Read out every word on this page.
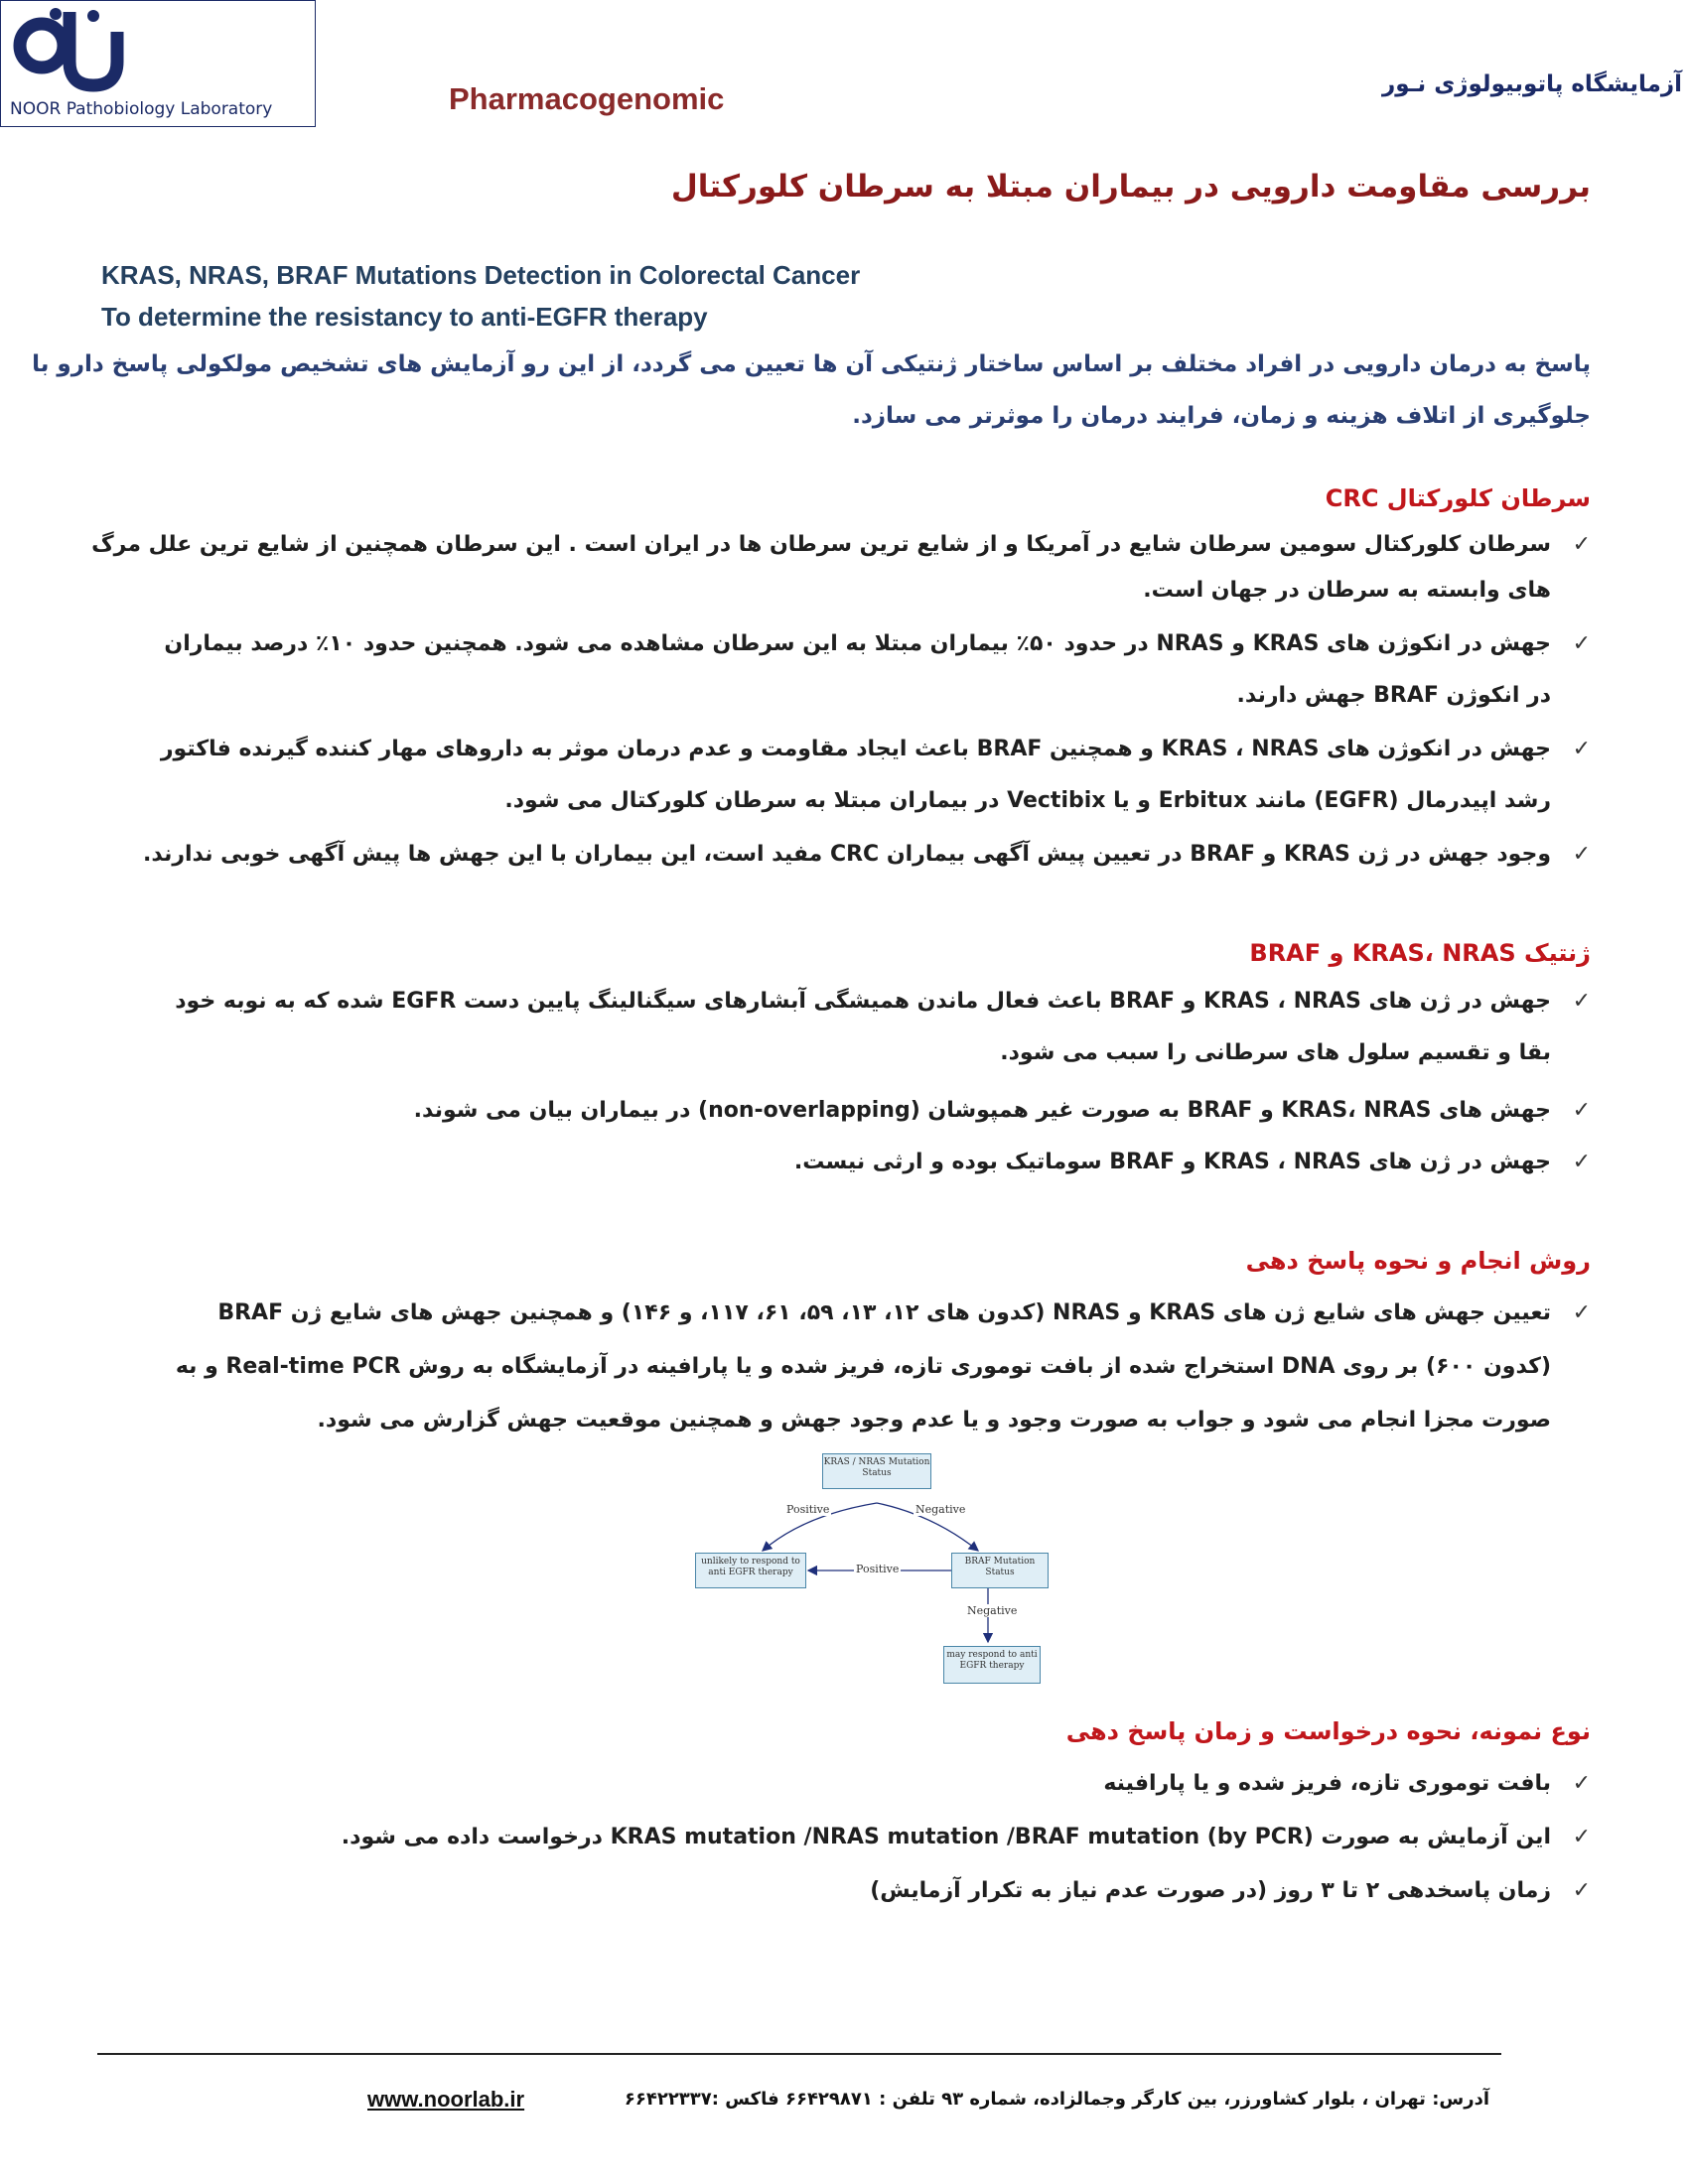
آزمایشگاه پاتوبیولوژی نـور
NOOR Pathobiology Laboratory	Pharmacogenomic
بررسی مقاومت دارویی در بیماران مبتلا به سرطان کلورکتال
KRAS, NRAS, BRAF Mutations Detection in Colorectal Cancer
To determine the resistancy to anti-EGFR therapy
پاسخ به درمان دارویی در افراد مختلف بر اساس ساختار ژنتیکی آن ها تعیین می گردد، از این رو آزمایش های تشخیص مولکولی پاسخ دارو با
جلوگیری از اتلاف هزینه و زمان، فرایند درمان را موثرتر می سازد.
سرطان کلورکتال CRC
✓
سرطان کلورکتال سومین سرطان شایع در آمریکا و از شایع ترین سرطان ها در ایران است . این سرطان همچنین از شایع ترین علل مرگ
های وابسته به سرطان در جهان است.
✓
جهش در انکوژن های KRAS و NRAS در حدود ۵۰٪ بیماران مبتلا به این سرطان مشاهده می شود. همچنین حدود ۱۰٪ درصد بیماران
در انکوژن BRAF جهش دارند.
✓
جهش در انکوژن های KRAS ، NRAS و همچنین BRAF باعث ایجاد مقاومت و عدم درمان موثر به داروهای مهار کننده گیرنده فاکتور
رشد اپیدرمال (EGFR) مانند Erbitux و یا Vectibix در بیماران مبتلا به سرطان کلورکتال می شود.
✓
وجود جهش در ژن KRAS و BRAF در تعیین پیش آگهی بیماران CRC مفید است، این بیماران با این جهش ها پیش آگهی خوبی ندارند.
ژنتیک KRAS، NRAS و BRAF
✓
جهش در ژن های KRAS ، NRAS و BRAF باعث فعال ماندن همیشگی آبشارهای سیگنالینگ پایین دست EGFR شده که به نوبه خود
بقا و تقسیم سلول های سرطانی را سبب می شود.
✓
جهش های KRAS، NRAS و BRAF به صورت غیر همپوشان (non-overlapping) در بیماران بیان می شوند.
✓
جهش در ژن های KRAS ، NRAS و BRAF سوماتیک بوده و ارثی نیست.
روش انجام و نحوه پاسخ دهی
✓
تعیین جهش های شایع ژن های KRAS و NRAS (کدون های ۱۲، ۱۳، ۵۹، ۶۱، ۱۱۷، و ۱۴۶) و همچنین جهش های شایع ژن BRAF
(کدون ۶۰۰) بر روی DNA استخراج شده از بافت توموری تازه، فریز شده و یا پارافینه در آزمایشگاه به روش Real-time PCR و به
صورت مجزا انجام می شود و جواب به صورت وجود و یا عدم وجود جهش و همچنین موقعیت جهش گزارش می شود.
KRAS / NRAS Mutation Status
unlikely to respond to anti EGFR therapy
BRAF Mutation Status
may respond to anti EGFR therapy
Positive	Negative
Positive
Negative
نوع نمونه، نحوه درخواست و زمان پاسخ دهی
✓
بافت توموری تازه، فریز شده و یا پارافینه
✓
این آزمایش به صورت KRAS mutation /NRAS mutation /BRAF mutation (by PCR) درخواست داده می شود.
✓
زمان پاسخدهی ۲ تا ۳ روز (در صورت عدم نیاز به تکرار آزمایش)
www.noorlab.ir	آدرس: تهران ، بلوار کشاورزر، بین کارگر وجمالزاده، شماره ۹۳ تلفن : ۶۶۴۲۹۸۷۱ فاکس :۶۶۴۲۲۳۳۷
